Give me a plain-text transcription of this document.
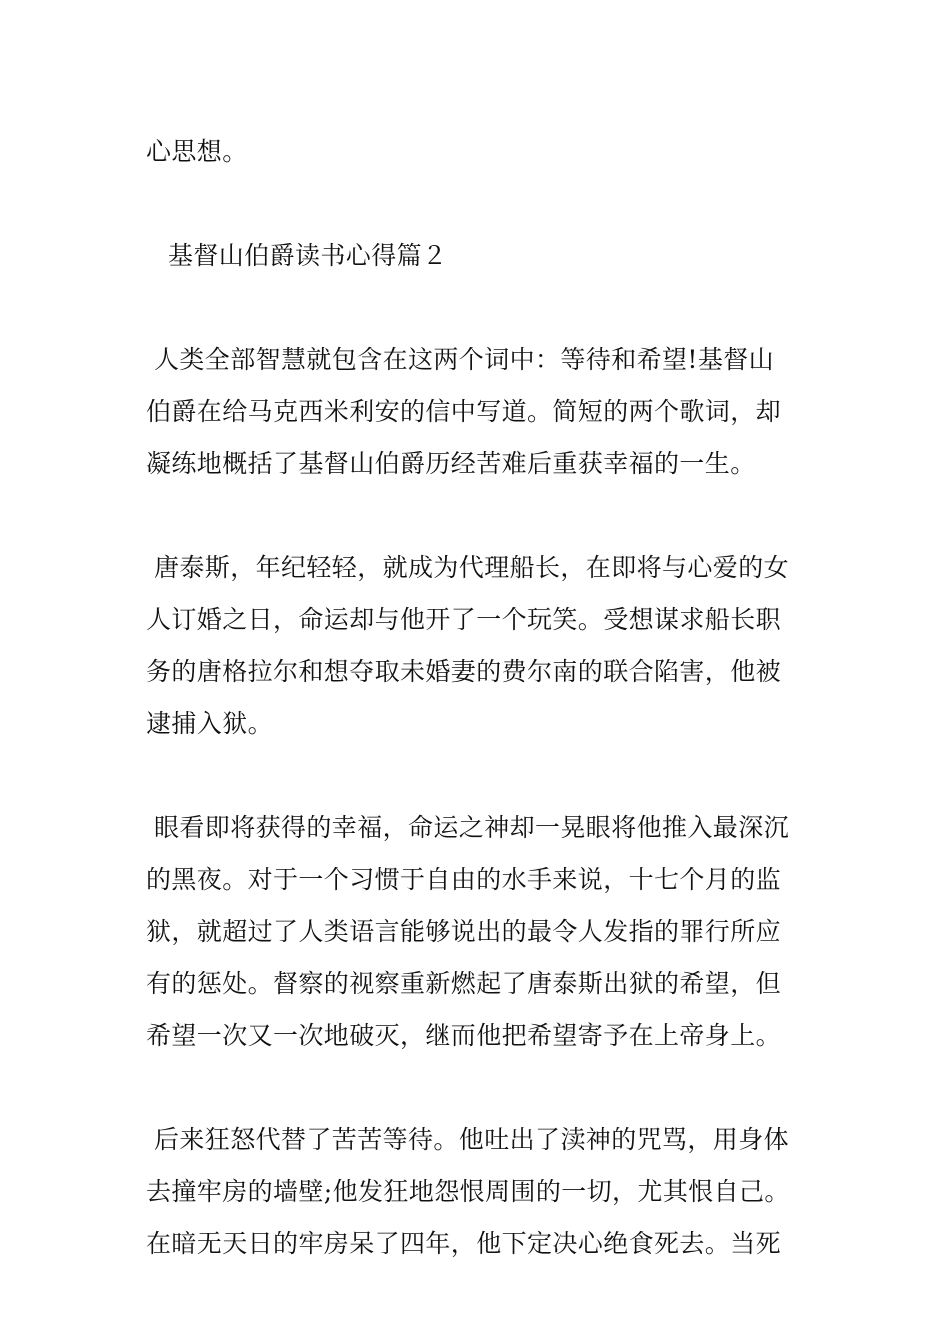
心思想。
基督山伯爵读书心得篇２
人类全部智慧就包含在这两个词中：等待和希望!基督山
伯爵在给马克西米利安的信中写道。简短的两个歌词，却
凝练地概括了基督山伯爵历经苦难后重获幸福的一生。
唐泰斯，年纪轻轻，就成为代理船长，在即将与心爱的女
人订婚之日，命运却与他开了一个玩笑。受想谋求船长职
务的唐格拉尔和想夺取未婚妻的费尔南的联合陷害，他被
逮捕入狱。
眼看即将获得的幸福，命运之神却一晃眼将他推入最深沉
的黑夜。对于一个习惯于自由的水手来说，十七个月的监
狱，就超过了人类语言能够说出的最令人发指的罪行所应
有的惩处。督察的视察重新燃起了唐泰斯出狱的希望，但
希望一次又一次地破灭，继而他把希望寄予在上帝身上。
后来狂怒代替了苦苦等待。他吐出了渎神的咒骂，用身体
去撞牢房的墙壁;他发狂地怨恨周围的一切，尤其恨自己。
在暗无天日的牢房呆了四年，他下定决心绝食死去。当死
